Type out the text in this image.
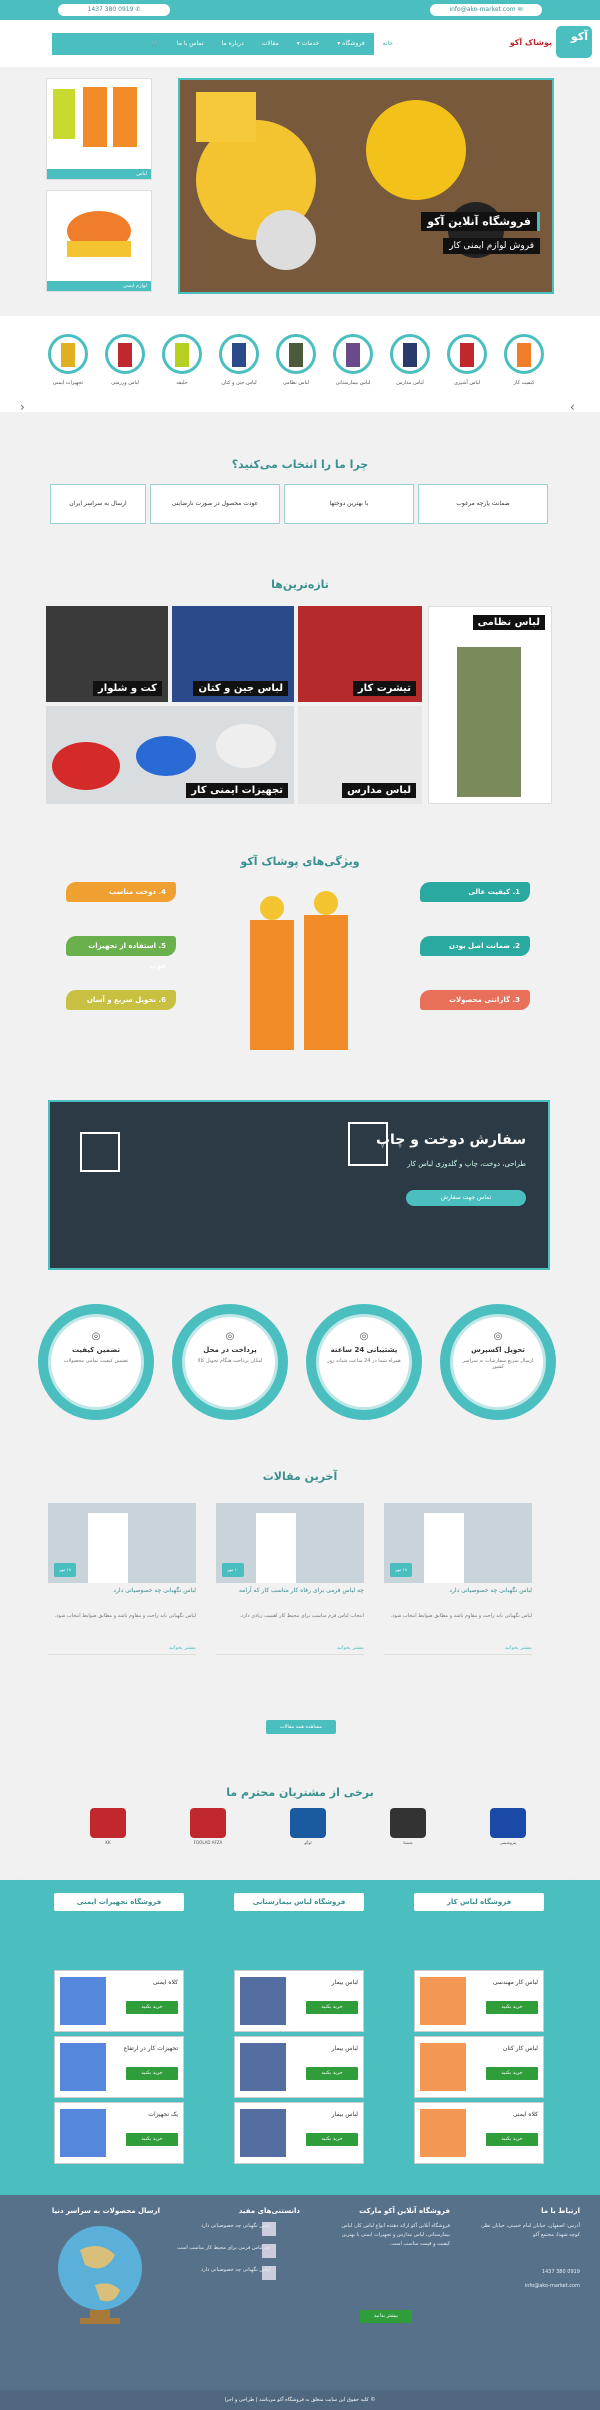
✆ 0919 380 1437	✉ info@ako-market.com
خانه
فروشگاه ▾
خدمات ▾
مقالات
درباره ما
تماس با ما
🛒
آکو
پوشاک آکو
فروشگاه آنلاین آکو
فروش لوازم ایمنی کار
لباس
لوازم ایمنی
‹	›
کیفیت کار
لباس آشپزی
لباس مدارس
لباس بیمارستانی
لباس نظامی
لباس جین و کتان
جلیقه
لباس ورزشی
تجهیزات ایمنی
چرا ما را انتخاب می‌کنید؟
ضمانت پارچه مرغوب
با بهترین دوختها
عودت محصول در صورت نارضایتی
ارسال به سراسر ایران
تازه‌ترین‌ها
لباس نظامی
تیشرت کار
لباس جین و کتان
کت و شلوار
لباس مدارس
تجهیزات ایمنی کار
ویژگی‌های پوشاک آکو
1. کیفیت عالی
2. ضمانت اصل بودن
3. گارانتی محصولات
4. دوخت مناسب
5. استفاده از تجهیزات خوب
6. تحویل سریع و آسان
سفارش دوخت و چاپ
طراحی، دوخت، چاپ و گلدوزی لباس کار
تماس جهت سفارش
◎
تحویل اکسپرس
ارسال سریع سفارشات به سراسر کشور
◎
پشتیبانی 24 ساعته
همراه شما در 24 ساعت شبانه روز
◎
پرداخت در محل
امکان پرداخت هنگام تحویل کالا
◎
تضمین کیفیت
تضمین کیفیت تمامی محصولات
آخرین مقالات
۱۸ مهر
لباس نگهبانی چه خصوصیاتی دارد
لباس نگهبانی باید راحت و مقاوم باشد و مطابق ضوابط انتخاب شود.
بیشتر بخوانید
۱۰ مهر
چه لباس فرمی برای رفاه کار مناسب کار که آرامه
انتخاب لباس فرم مناسب برای محیط کار اهمیت زیادی دارد.
بیشتر بخوانید
۱۸ مهر
لباس نگهبانی چه خصوصیاتی دارد
لباس نگهبانی باید راحت و مقاوم باشد و مطابق ضوابط انتخاب شود.
بیشتر بخوانید
مشاهده همه مقالات
برخی از مشتریان محترم ما
پتروشیمی
شستا
لوگو
FOOLAD AFZA
KK
فروشگاه لباس کار
لباس کار مهندسی
خرید بکنید
لباس کار کتان
خرید بکنید
کلاه ایمنی
خرید بکنید
فروشگاه لباس بیمارستانی
لباس بیمار
خرید بکنید
لباس بیمار
خرید بکنید
لباس بیمار
خرید بکنید
فروشگاه تجهیزات ایمنی
کلاه ایمنی
خرید بکنید
تجهیزات کار در ارتفاع
خرید بکنید
یک تجهیزات
خرید بکنید
ارتباط با ما
آدرس: اصفهان، خیابان امام خمینی، خیابان نظر، کوچه شهدا، مجتمع آکو
0919 380 1437
info@ako-market.com
فروشگاه آنلاین آکو مارکت
فروشگاه آنلاین آکو ارائه دهنده انواع لباس کار، لباس بیمارستانی، لباس مدارس و تجهیزات ایمنی با بهترین کیفیت و قیمت مناسب است.
بیشتر بدانید
دانستنی‌های مفید
لباس نگهبانی چه خصوصیاتی دارد
چه لباس فرمی برای محیط کار مناسب است
لباس نگهبانی چه خصوصیاتی دارد
ارسال محصولات به سراسر دنیا
© کلیه حقوق این سایت متعلق به فروشگاه آکو می‌باشد | طراحی و اجرا
